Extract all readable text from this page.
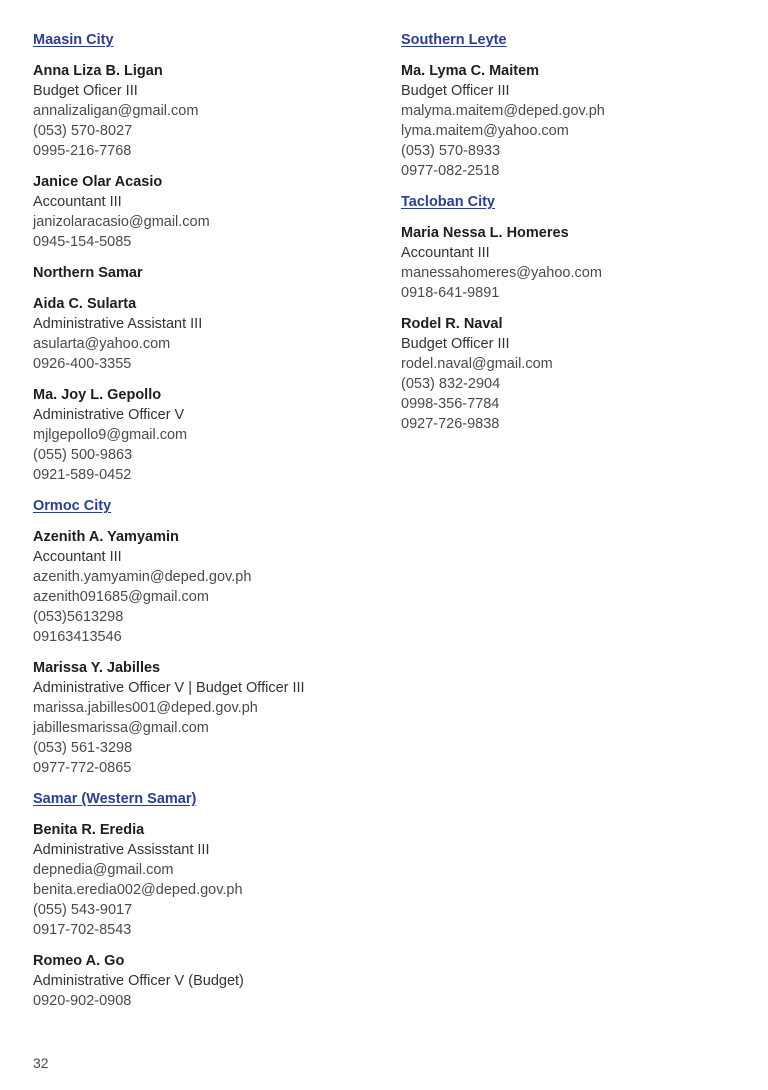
Maasin City
Anna Liza B. Ligan
Budget Oficer III
annalizaligan@gmail.com
(053) 570-8027
0995-216-7768
Janice Olar Acasio
Accountant III
janizolaracasio@gmail.com
0945-154-5085
Northern Samar
Aida C. Sularta
Administrative Assistant III
asularta@yahoo.com
0926-400-3355
Ma. Joy L. Gepollo
Administrative Officer V
mjlgepollo9@gmail.com
(055) 500-9863
0921-589-0452
Ormoc City
Azenith A. Yamyamin
Accountant III
azenith.yamyamin@deped.gov.ph
azenith091685@gmail.com
(053)5613298
09163413546
Marissa Y. Jabilles
Administrative Officer V | Budget Officer III
marissa.jabilles001@deped.gov.ph
jabillesmarissa@gmail.com
(053) 561-3298
0977-772-0865
Samar (Western Samar)
Benita R. Eredia
Administrative Assisstant III
depnedia@gmail.com
benita.eredia002@deped.gov.ph
(055) 543-9017
0917-702-8543
Romeo A. Go
Administrative Officer V (Budget)
0920-902-0908
Southern Leyte
Ma. Lyma C. Maitem
Budget Officer III
malyma.maitem@deped.gov.ph
lyma.maitem@yahoo.com
(053) 570-8933
0977-082-2518
Tacloban City
Maria Nessa L. Homeres
Accountant III
manessahomeres@yahoo.com
0918-641-9891
Rodel R. Naval
Budget Officer III
rodel.naval@gmail.com
(053) 832-2904
0998-356-7784
0927-726-9838
32
